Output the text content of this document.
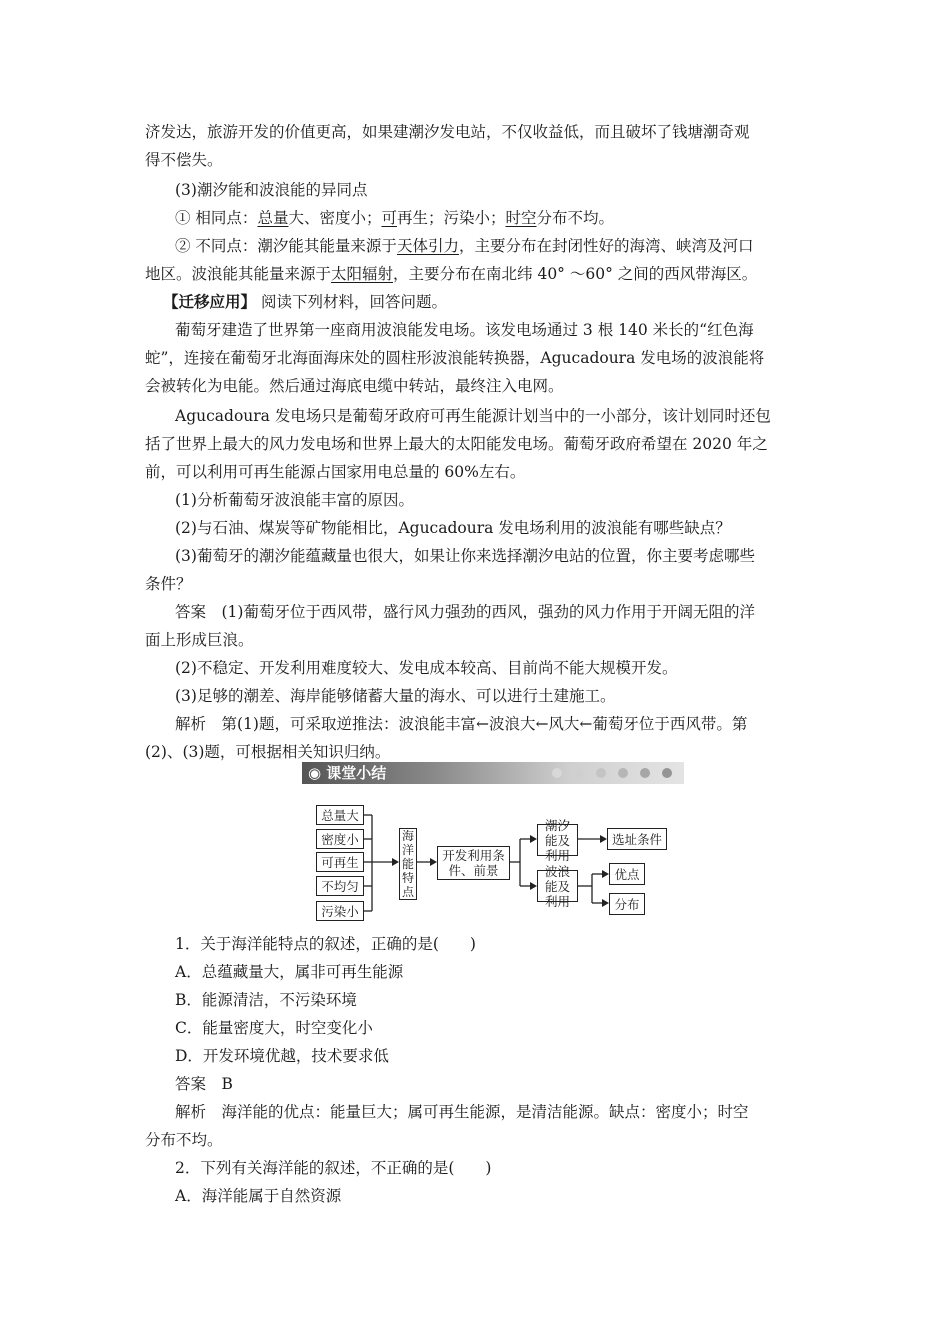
济发达，旅游开发的价值更高，如果建潮汐发电站，不仅收益低，而且破坏了钱塘潮奇观
得不偿失。
(3)潮汐能和波浪能的异同点
① 相同点：总量大、密度小；可再生；污染小；时空分布不均。
② 不同点：潮汐能其能量来源于天体引力，主要分布在封闭性好的海湾、峡湾及河口
地区。波浪能其能量来源于太阳辐射，主要分布在南北纬 40° ～60° 之间的西风带海区。
【迁移应用】 阅读下列材料，回答问题。
葡萄牙建造了世界第一座商用波浪能发电场。该发电场通过 3 根 140 米长的“红色海
蛇”，连接在葡萄牙北海面海床处的圆柱形波浪能转换器，Agucadoura 发电场的波浪能将
会被转化为电能。然后通过海底电缆中转站，最终注入电网。
Agucadoura 发电场只是葡萄牙政府可再生能源计划当中的一小部分，该计划同时还包
括了世界上最大的风力发电场和世界上最大的太阳能发电场。葡萄牙政府希望在 2020 年之
前，可以利用可再生能源占国家用电总量的 60%左右。
(1)分析葡萄牙波浪能丰富的原因。
(2)与石油、煤炭等矿物能相比，Agucadoura 发电场利用的波浪能有哪些缺点？
(3)葡萄牙的潮汐能蕴藏量也很大，如果让你来选择潮汐电站的位置，你主要考虑哪些
条件？
答案　(1)葡萄牙位于西风带，盛行风力强劲的西风，强劲的风力作用于开阔无阻的洋
面上形成巨浪。
(2)不稳定、开发利用难度较大、发电成本较高、目前尚不能大规模开发。
(3)足够的潮差、海岸能够储蓄大量的海水、可以进行土建施工。
解析　第(1)题，可采取逆推法：波浪能丰富←波浪大←风大←葡萄牙位于西风带。第
(2)、(3)题，可根据相关知识归纳。
◉ 课堂小结
总量大
密度小
可再生
不均匀
污染小
海洋能特点
开发利用条件、前景
潮汐能及利用
波浪能及利用
选址条件
优点
分布
1．关于海洋能特点的叙述，正确的是(　　)
A．总蕴藏量大，属非可再生能源
B．能源清洁，不污染环境
C．能量密度大，时空变化小
D．开发环境优越，技术要求低
答案　B
解析　海洋能的优点：能量巨大；属可再生能源，是清洁能源。缺点：密度小；时空
分布不均。
2．下列有关海洋能的叙述，不正确的是(　　)
A．海洋能属于自然资源
